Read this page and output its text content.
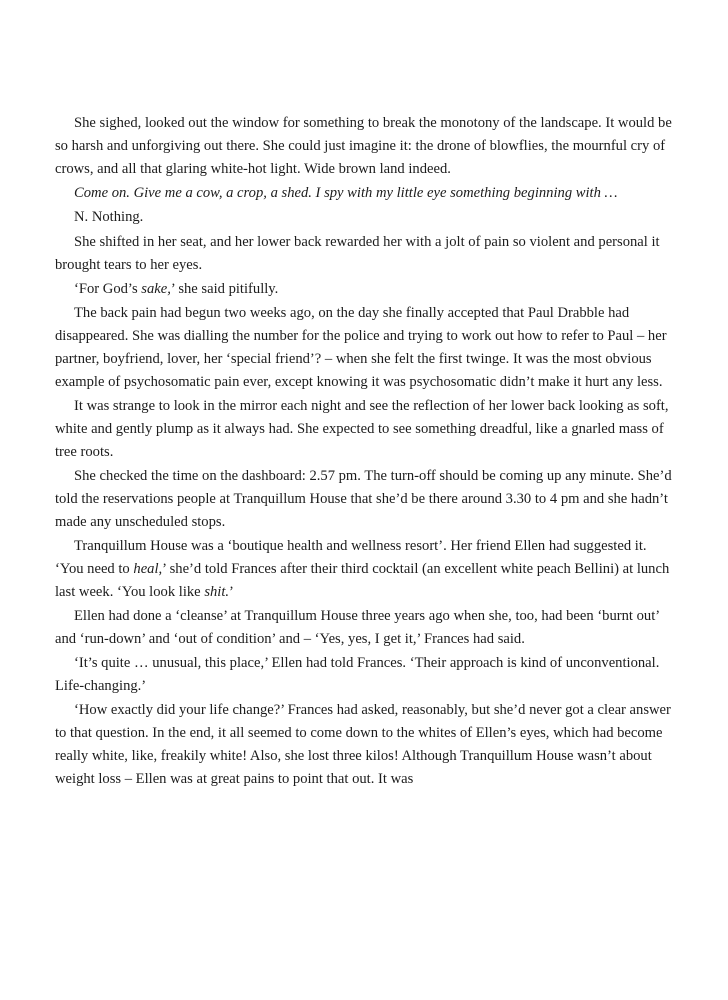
She sighed, looked out the window for something to break the monotony of the landscape. It would be so harsh and unforgiving out there. She could just imagine it: the drone of blowflies, the mournful cry of crows, and all that glaring white-hot light. Wide brown land indeed.

Come on. Give me a cow, a crop, a shed. I spy with my little eye something beginning with …

N. Nothing.

She shifted in her seat, and her lower back rewarded her with a jolt of pain so violent and personal it brought tears to her eyes.

‘For God’s sake,’ she said pitifully.

The back pain had begun two weeks ago, on the day she finally accepted that Paul Drabble had disappeared. She was dialling the number for the police and trying to work out how to refer to Paul – her partner, boyfriend, lover, her ‘special friend’? – when she felt the first twinge. It was the most obvious example of psychosomatic pain ever, except knowing it was psychosomatic didn’t make it hurt any less.

It was strange to look in the mirror each night and see the reflection of her lower back looking as soft, white and gently plump as it always had. She expected to see something dreadful, like a gnarled mass of tree roots.

She checked the time on the dashboard: 2.57 pm. The turn-off should be coming up any minute. She’d told the reservations people at Tranquillum House that she’d be there around 3.30 to 4 pm and she hadn’t made any unscheduled stops.

Tranquillum House was a ‘boutique health and wellness resort’. Her friend Ellen had suggested it. ‘You need to heal,’ she’d told Frances after their third cocktail (an excellent white peach Bellini) at lunch last week. ‘You look like shit.’

Ellen had done a ‘cleanse’ at Tranquillum House three years ago when she, too, had been ‘burnt out’ and ‘run-down’ and ‘out of condition’ and – ‘Yes, yes, I get it,’ Frances had said.

‘It’s quite … unusual, this place,’ Ellen had told Frances. ‘Their approach is kind of unconventional. Life-changing.’

‘How exactly did your life change?’ Frances had asked, reasonably, but she’d never got a clear answer to that question. In the end, it all seemed to come down to the whites of Ellen’s eyes, which had become really white, like, freakily white! Also, she lost three kilos! Although Tranquillum House wasn’t about weight loss – Ellen was at great pains to point that out. It was
